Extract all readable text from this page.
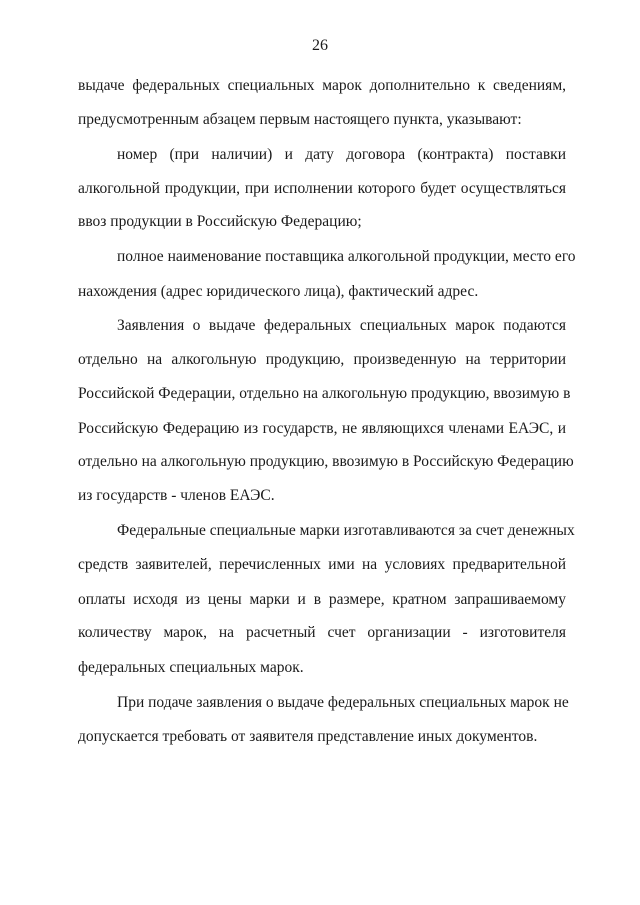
26
выдаче федеральных специальных марок дополнительно к сведениям,
предусмотренным абзацем первым настоящего пункта, указывают:
номер (при наличии) и дату договора (контракта) поставки
алкогольной продукции, при исполнении которого будет осуществляться
ввоз продукции в Российскую Федерацию;
полное наименование поставщика алкогольной продукции, место его
нахождения (адрес юридического лица), фактический адрес.
Заявления о выдаче федеральных специальных марок подаются
отдельно на алкогольную продукцию, произведенную на территории
Российской Федерации, отдельно на алкогольную продукцию, ввозимую в
Российскую Федерацию из государств, не являющихся членами ЕАЭС, и
отдельно на алкогольную продукцию, ввозимую в Российскую Федерацию
из государств - членов ЕАЭС.
Федеральные специальные марки изготавливаются за счет денежных
средств заявителей, перечисленных ими на условиях предварительной
оплаты исходя из цены марки и в размере, кратном запрашиваемому
количеству марок, на расчетный счет организации - изготовителя
федеральных специальных марок.
При подаче заявления о выдаче федеральных специальных марок не
допускается требовать от заявителя представление иных документов.
